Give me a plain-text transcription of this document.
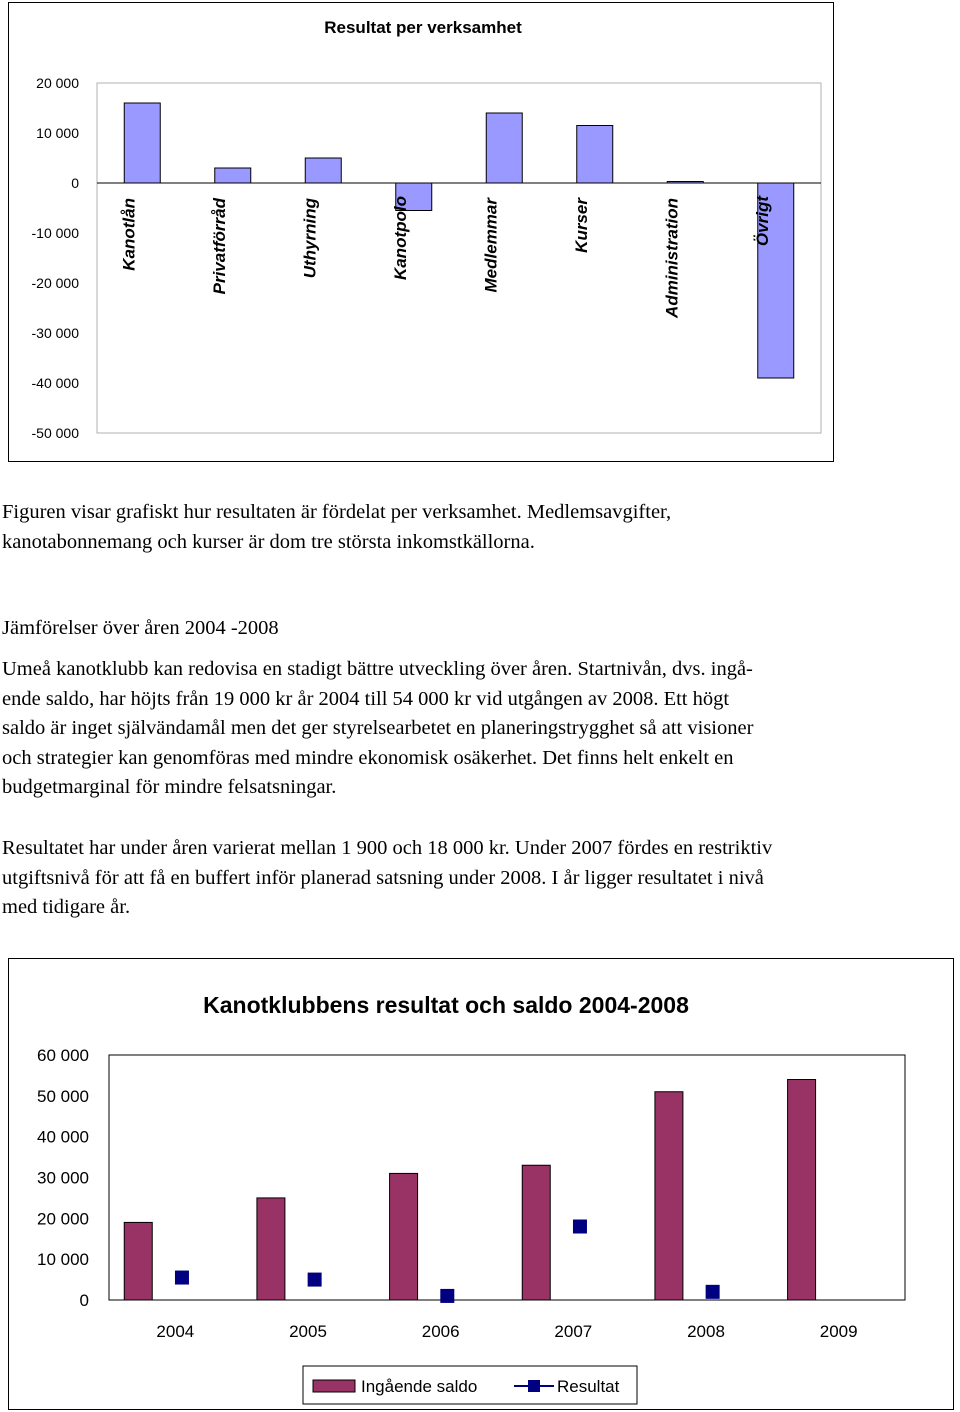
Resultat per verksamhet
20 000
10 000
0
-10 000
-20 000
-30 000
-40 000
-50 000
Kanotlån	Privatförråd	Uthyrning	Kanotpolo	Medlemmar	Kurser	Administration	Övrigt

Figuren visar grafiskt hur resultaten är fördelat per verksamhet. Medlemsavgifter,

kanotabonnemang och kurser är dom tre största inkomstkällorna.

Jämförelser över åren 2004 -2008

Umeå kanotklubb kan redovisa en stadigt bättre utveckling över åren. Startnivån, dvs. ingå-

ende saldo, har höjts från 19 000 kr år 2004 till 54 000 kr vid utgången av 2008. Ett högt

saldo är inget självändamål men det ger styrelsearbetet en planeringstrygghet så att visioner

och strategier kan genomföras med mindre ekonomisk osäkerhet. Det finns helt enkelt en

budgetmarginal för mindre felsatsningar.

Resultatet har under åren varierat mellan 1 900 och 18 000 kr. Under 2007 fördes en restriktiv

utgiftsnivå för att få en buffert inför planerad satsning under 2008. I år ligger resultatet i nivå

med tidigare år.

Kanotklubbens resultat och saldo 2004-2008
0
10 000
20 000
30 000
40 000
50 000
60 000
2004	2005	2006	2007	2008	2009
Ingående saldo	Resultat
